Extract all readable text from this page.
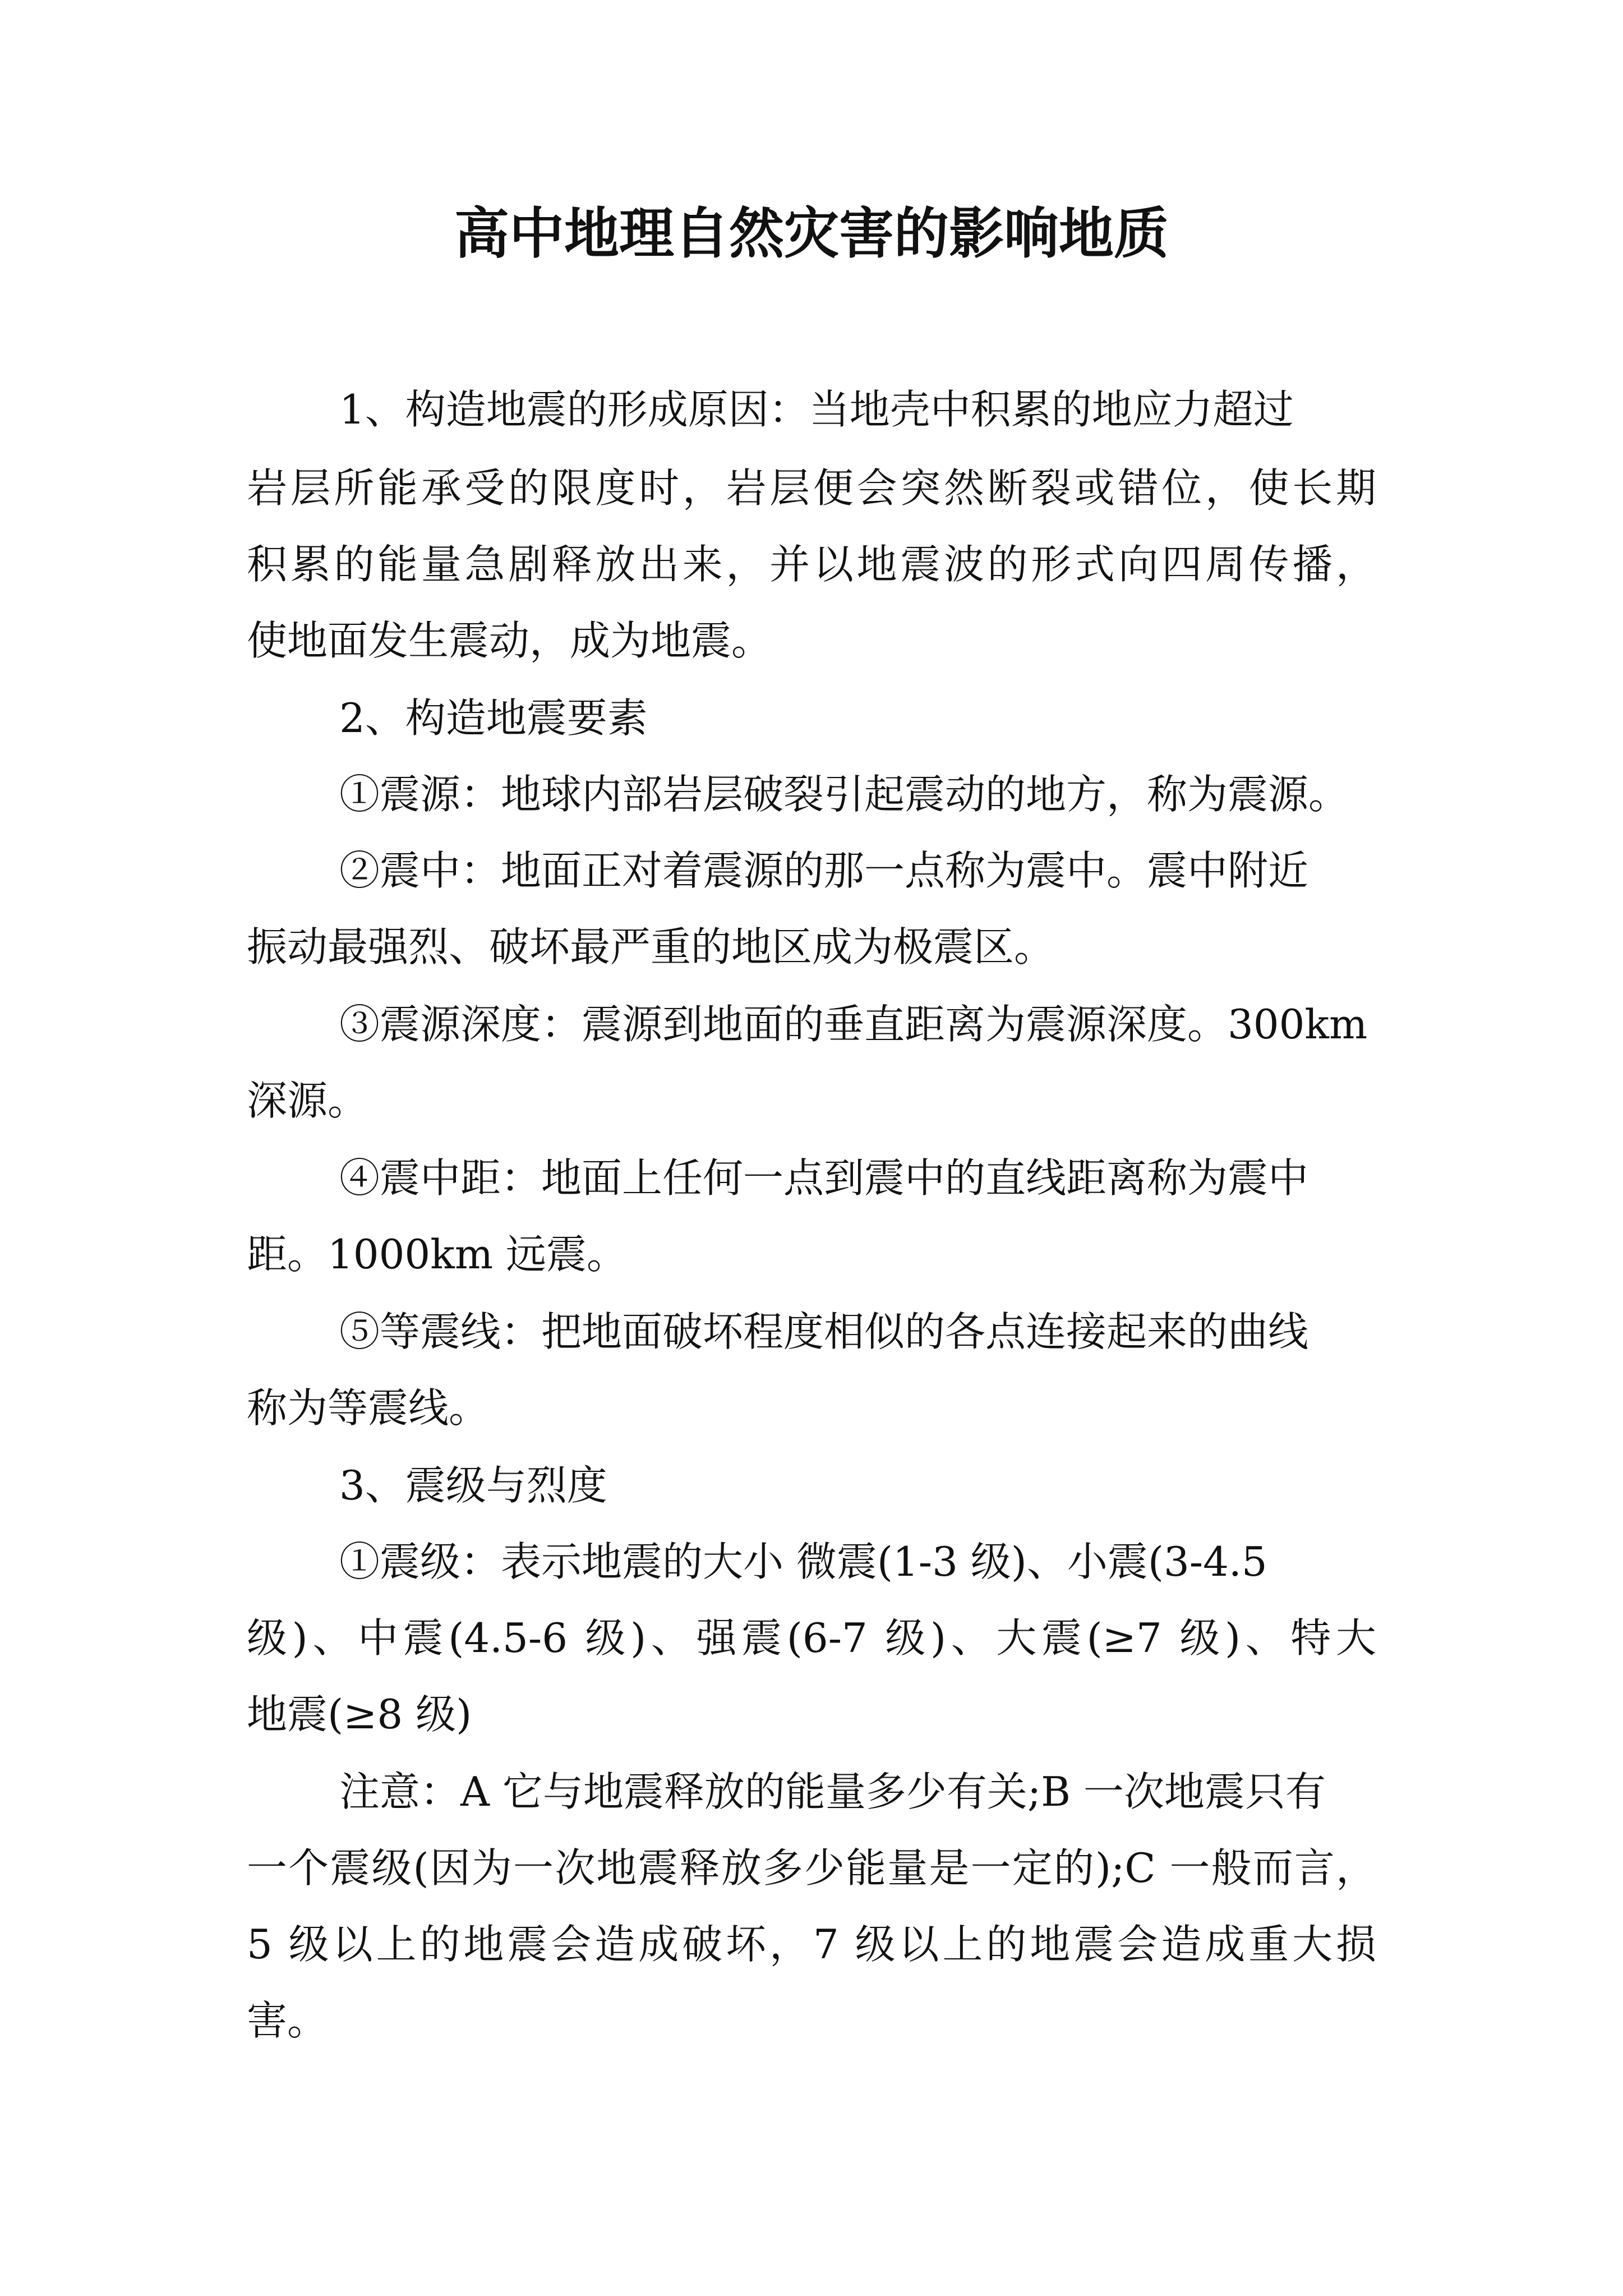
高中地理自然灾害的影响地质
1、构造地震的形成原因：当地壳中积累的地应力超过
岩层所能承受的限度时，岩层便会突然断裂或错位，使长期
积累的能量急剧释放出来，并以地震波的形式向四周传播，
使地面发生震动，成为地震。
2、构造地震要素
①震源：地球内部岩层破裂引起震动的地方，称为震源。
②震中：地面正对着震源的那一点称为震中。震中附近
振动最强烈、破坏最严重的地区成为极震区。
③震源深度：震源到地面的垂直距离为震源深度。300km
深源。
④震中距：地面上任何一点到震中的直线距离称为震中
距。1000km 远震。
⑤等震线：把地面破坏程度相似的各点连接起来的曲线
称为等震线。
3、震级与烈度
①震级：表示地震的大小 微震(1-3 级)、小震(3-4.5
级)、中震(4.5-6 级)、强震(6-7 级)、大震(≥7 级)、特大
地震(≥8 级)
注意：A 它与地震释放的能量多少有关;B 一次地震只有
一个震级(因为一次地震释放多少能量是一定的);C 一般而言，
5 级以上的地震会造成破坏，7 级以上的地震会造成重大损
害。
